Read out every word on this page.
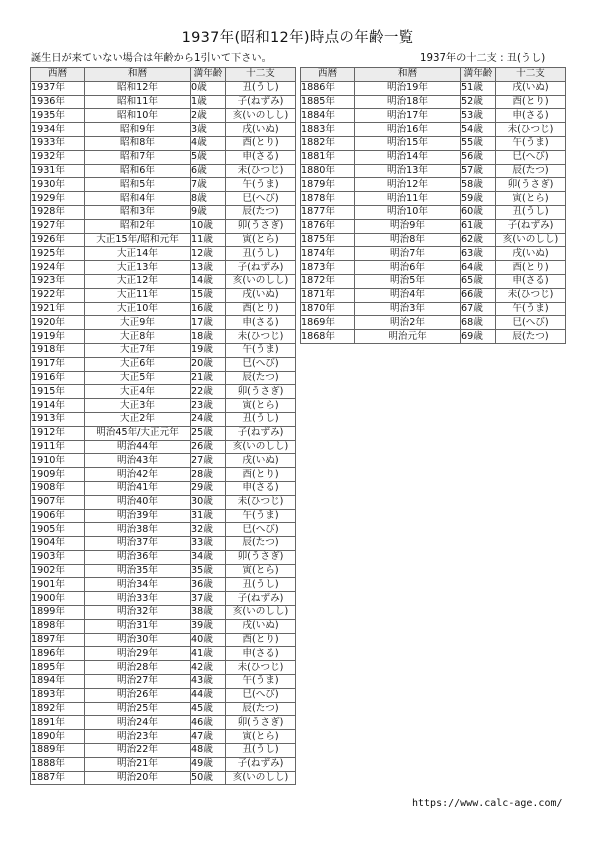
1937年(昭和12年)時点の年齢一覧
誕生日が来ていない場合は年齢から1引いて下さい。	1937年の十二支 : 丑(うし)
西暦	和暦	満年齢	十二支
1937年	昭和12年	0歳	丑(うし)
1936年	昭和11年	1歳	子(ねずみ)
1935年	昭和10年	2歳	亥(いのしし)
1934年	昭和9年	3歳	戌(いぬ)
1933年	昭和8年	4歳	酉(とり)
1932年	昭和7年	5歳	申(さる)
1931年	昭和6年	6歳	未(ひつじ)
1930年	昭和5年	7歳	午(うま)
1929年	昭和4年	8歳	巳(へび)
1928年	昭和3年	9歳	辰(たつ)
1927年	昭和2年	10歳	卯(うさぎ)
1926年	大正15年/昭和元年	11歳	寅(とら)
1925年	大正14年	12歳	丑(うし)
1924年	大正13年	13歳	子(ねずみ)
1923年	大正12年	14歳	亥(いのしし)
1922年	大正11年	15歳	戌(いぬ)
1921年	大正10年	16歳	酉(とり)
1920年	大正9年	17歳	申(さる)
1919年	大正8年	18歳	未(ひつじ)
1918年	大正7年	19歳	午(うま)
1917年	大正6年	20歳	巳(へび)
1916年	大正5年	21歳	辰(たつ)
1915年	大正4年	22歳	卯(うさぎ)
1914年	大正3年	23歳	寅(とら)
1913年	大正2年	24歳	丑(うし)
1912年	明治45年/大正元年	25歳	子(ねずみ)
1911年	明治44年	26歳	亥(いのしし)
1910年	明治43年	27歳	戌(いぬ)
1909年	明治42年	28歳	酉(とり)
1908年	明治41年	29歳	申(さる)
1907年	明治40年	30歳	未(ひつじ)
1906年	明治39年	31歳	午(うま)
1905年	明治38年	32歳	巳(へび)
1904年	明治37年	33歳	辰(たつ)
1903年	明治36年	34歳	卯(うさぎ)
1902年	明治35年	35歳	寅(とら)
1901年	明治34年	36歳	丑(うし)
1900年	明治33年	37歳	子(ねずみ)
1899年	明治32年	38歳	亥(いのしし)
1898年	明治31年	39歳	戌(いぬ)
1897年	明治30年	40歳	酉(とり)
1896年	明治29年	41歳	申(さる)
1895年	明治28年	42歳	未(ひつじ)
1894年	明治27年	43歳	午(うま)
1893年	明治26年	44歳	巳(へび)
1892年	明治25年	45歳	辰(たつ)
1891年	明治24年	46歳	卯(うさぎ)
1890年	明治23年	47歳	寅(とら)
1889年	明治22年	48歳	丑(うし)
1888年	明治21年	49歳	子(ねずみ)
1887年	明治20年	50歳	亥(いのしし)
西暦	和暦	満年齢	十二支
1886年	明治19年	51歳	戌(いぬ)
1885年	明治18年	52歳	酉(とり)
1884年	明治17年	53歳	申(さる)
1883年	明治16年	54歳	未(ひつじ)
1882年	明治15年	55歳	午(うま)
1881年	明治14年	56歳	巳(へび)
1880年	明治13年	57歳	辰(たつ)
1879年	明治12年	58歳	卯(うさぎ)
1878年	明治11年	59歳	寅(とら)
1877年	明治10年	60歳	丑(うし)
1876年	明治9年	61歳	子(ねずみ)
1875年	明治8年	62歳	亥(いのしし)
1874年	明治7年	63歳	戌(いぬ)
1873年	明治6年	64歳	酉(とり)
1872年	明治5年	65歳	申(さる)
1871年	明治4年	66歳	未(ひつじ)
1870年	明治3年	67歳	午(うま)
1869年	明治2年	68歳	巳(へび)
1868年	明治元年	69歳	辰(たつ)
https://www.calc-age.com/
